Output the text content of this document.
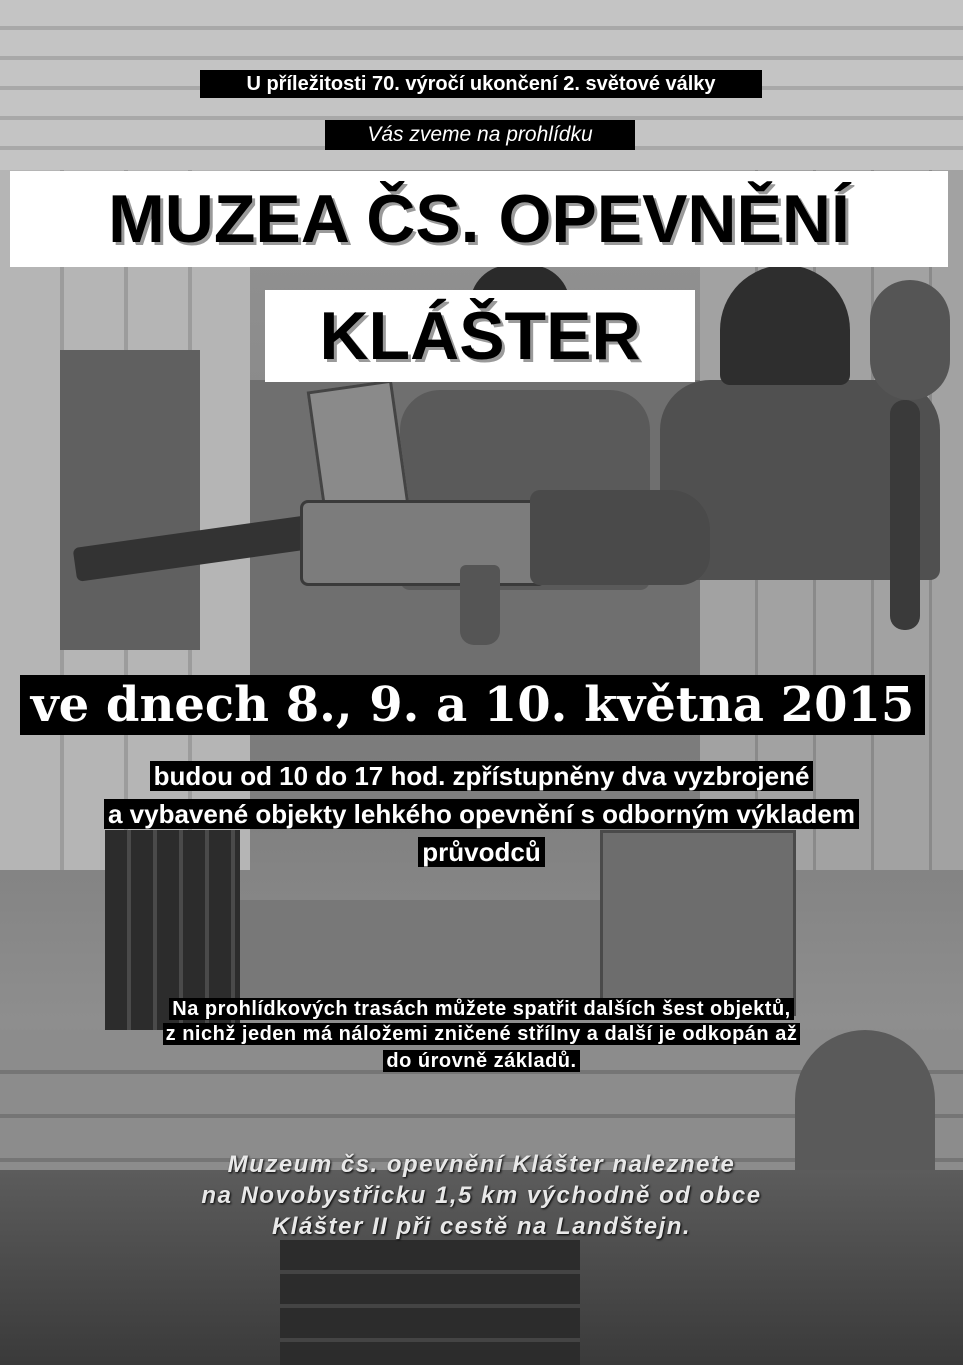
U příležitosti 70. výročí ukončení 2. světové války
Vás zveme na prohlídku
MUZEA ČS. OPEVNĚNÍ
KLÁŠTER
ve dnech 8., 9. a 10. května 2015
budou od 10 do 17 hod. zpřístupněny dva vyzbrojené
a vybavené objekty lehkého opevnění s odborným výkladem
průvodců
Na prohlídkových trasách můžete spatřit dalších šest objektů,
z nichž jeden má náložemi zničené střílny a další je odkopán až
do úrovně základů.
Muzeum čs. opevnění Klášter naleznete
na Novobystřicku 1,5 km východně od obce
Klášter II při cestě na Landštejn.
